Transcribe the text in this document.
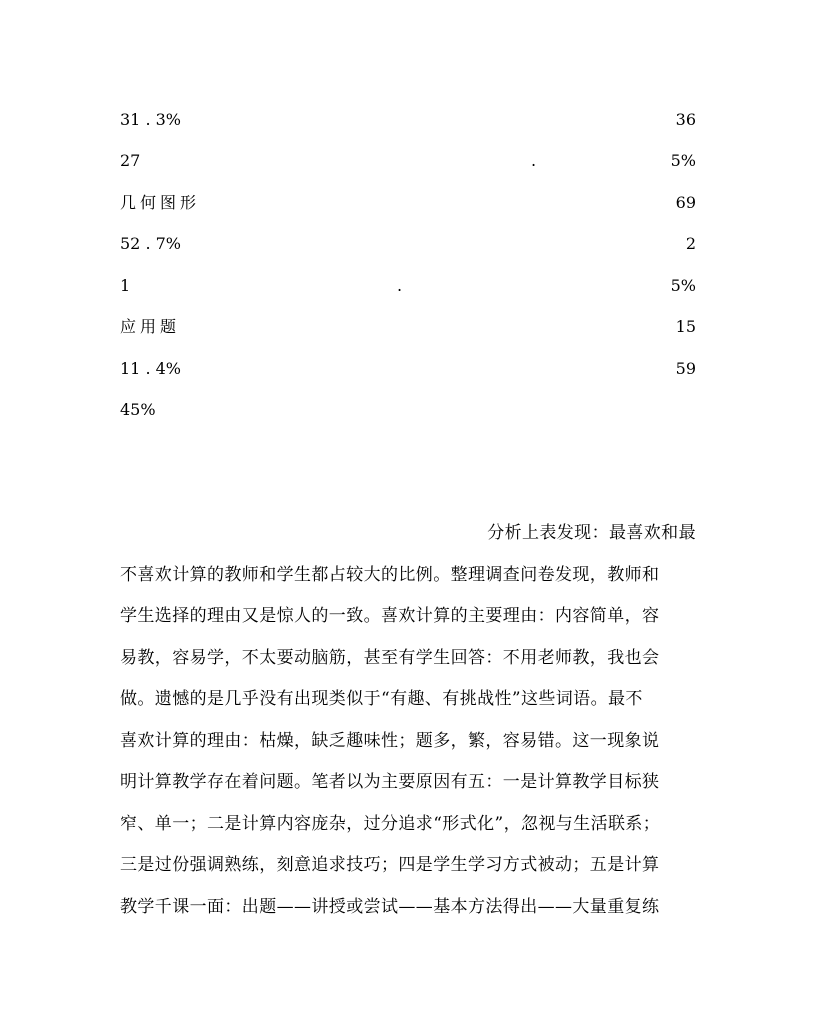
31 . 3%	36
27	.	5%
几何图形	69
52 . 7%	2
1	.	5%
应用题	15
11 . 4%	59
45%
分析上表发现：最喜欢和最
不喜欢计算的教师和学生都占较大的比例。整理调查问卷发现，教师和
学生选择的理由又是惊人的一致。喜欢计算的主要理由：内容简单，容
易教，容易学，不太要动脑筋，甚至有学生回答：不用老师教，我也会
做。遗憾的是几乎没有出现类似于“有趣、有挑战性”这些词语。最不
喜欢计算的理由：枯燥，缺乏趣味性；题多，繁，容易错。这一现象说
明计算教学存在着问题。笔者以为主要原因有五：一是计算教学目标狭
窄、单一；二是计算内容庞杂，过分追求“形式化”，忽视与生活联系；
三是过份强调熟练，刻意追求技巧；四是学生学习方式被动；五是计算
教学千课一面：出题——讲授或尝试——基本方法得出——大量重复练
